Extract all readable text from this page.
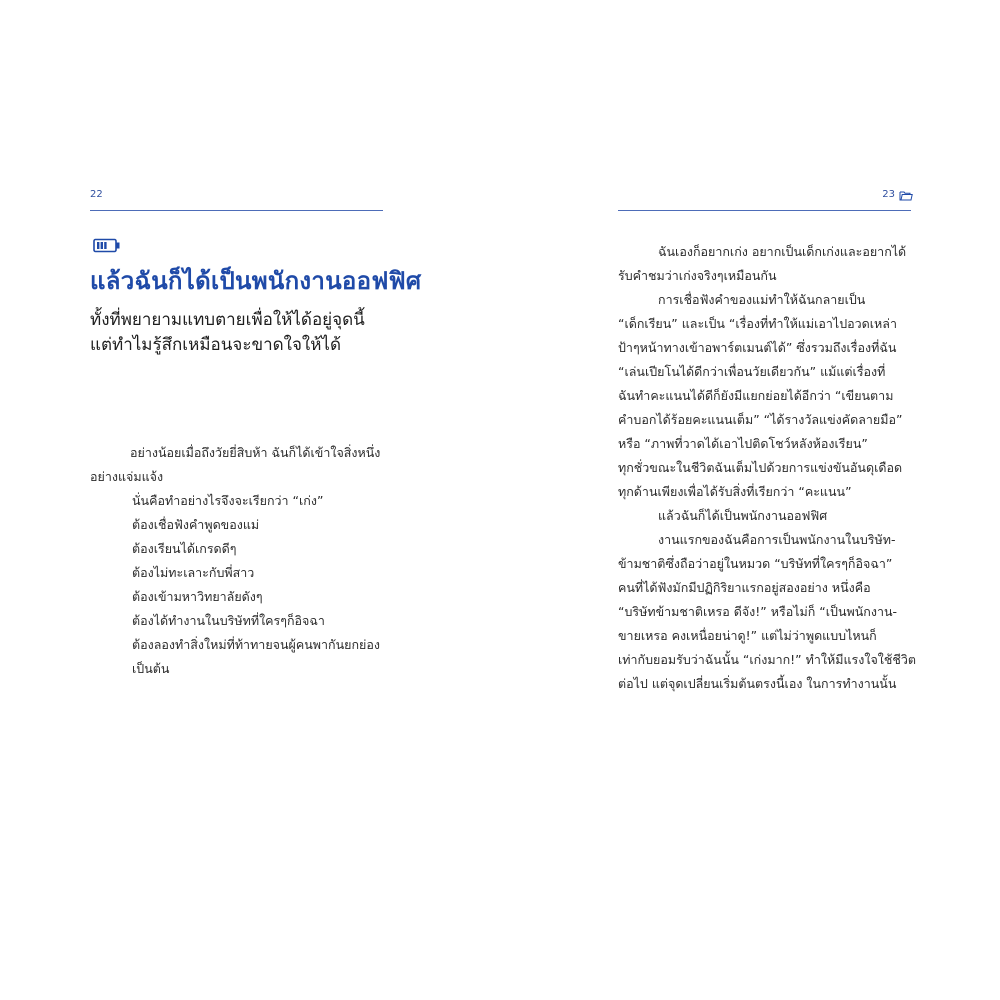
22
แล้วฉันก็ได้เป็นพนักงานออฟฟิศ
ทั้งที่พยายามแทบตายเพื่อให้ได้อยู่จุดนี้
แต่ทำไมรู้สึกเหมือนจะขาดใจให้ได้
อย่างน้อยเมื่อถึงวัยยี่สิบห้า ฉันก็ได้เข้าใจสิ่งหนึ่ง
อย่างแจ่มแจ้ง
นั่นคือทำอย่างไรจึงจะเรียกว่า “เก่ง”
ต้องเชื่อฟังคำพูดของแม่
ต้องเรียนได้เกรดดีๆ
ต้องไม่ทะเลาะกับพี่สาว
ต้องเข้ามหาวิทยาลัยดังๆ
ต้องได้ทำงานในบริษัทที่ใครๆก็อิจฉา
ต้องลองทำสิ่งใหม่ที่ท้าทายจนผู้คนพากันยกย่อง
เป็นต้น
23
ฉันเองก็อยากเก่ง อยากเป็นเด็กเก่งและอยากได้
รับคำชมว่าเก่งจริงๆเหมือนกัน
การเชื่อฟังคำของแม่ทำให้ฉันกลายเป็น
“เด็กเรียน” และเป็น “เรื่องที่ทำให้แม่เอาไปอวดเหล่า
ป้าๆหน้าทางเข้าอพาร์ตเมนต์ได้” ซึ่งรวมถึงเรื่องที่ฉัน
“เล่นเปียโนได้ดีกว่าเพื่อนวัยเดียวกัน” แม้แต่เรื่องที่
ฉันทำคะแนนได้ดีก็ยังมีแยกย่อยได้อีกว่า “เขียนตาม
คำบอกได้ร้อยคะแนนเต็ม” “ได้รางวัลแข่งคัดลายมือ”
หรือ “ภาพที่วาดได้เอาไปติดโชว์หลังห้องเรียน”
ทุกชั่วขณะในชีวิตฉันเต็มไปด้วยการแข่งขันอันดุเดือด
ทุกด้านเพียงเพื่อได้รับสิ่งที่เรียกว่า “คะแนน”
แล้วฉันก็ได้เป็นพนักงานออฟฟิศ
งานแรกของฉันคือการเป็นพนักงานในบริษัท-
ข้ามชาติซึ่งถือว่าอยู่ในหมวด “บริษัทที่ใครๆก็อิจฉา”
คนที่ได้ฟังมักมีปฏิกิริยาแรกอยู่สองอย่าง หนึ่งคือ
“บริษัทข้ามชาติเหรอ ดีจัง!” หรือไม่ก็ “เป็นพนักงาน-
ขายเหรอ คงเหนื่อยน่าดู!” แต่ไม่ว่าพูดแบบไหนก็
เท่ากับยอมรับว่าฉันนั้น “เก่งมาก!” ทำให้มีแรงใจใช้ชีวิต
ต่อไป แต่จุดเปลี่ยนเริ่มต้นตรงนี้เอง ในการทำงานนั้น
